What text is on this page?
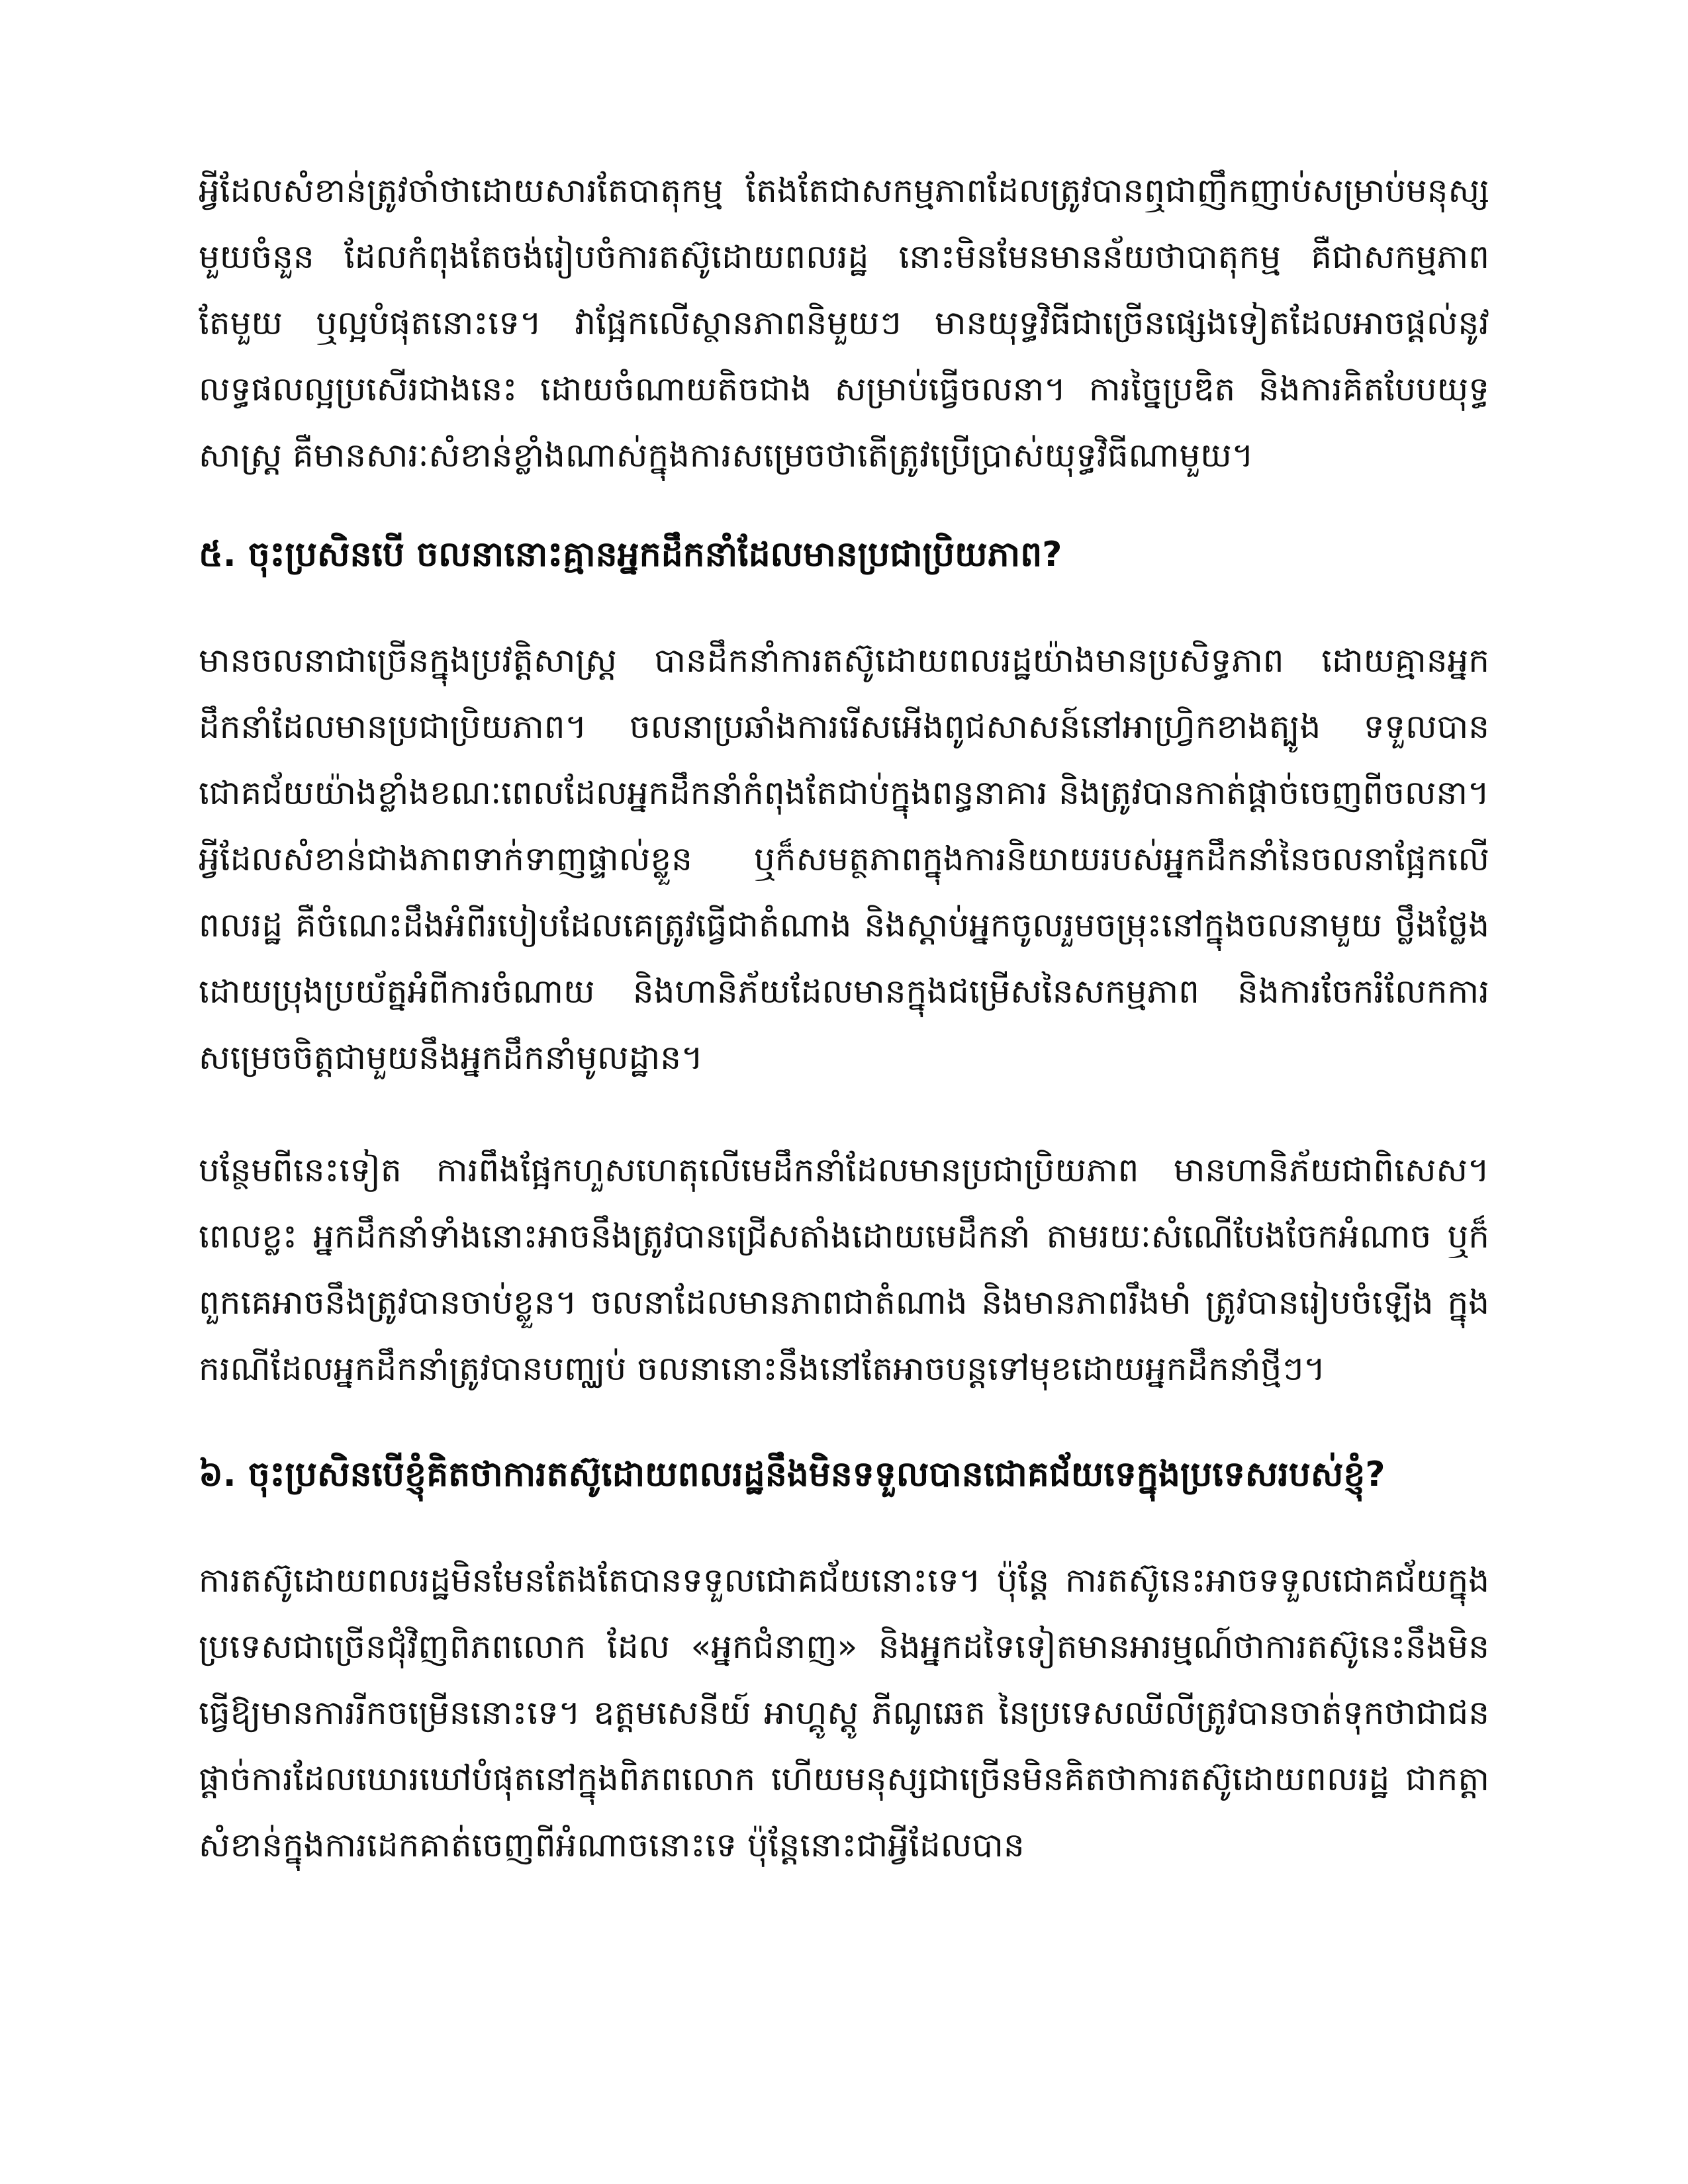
អ្វីដែលសំខាន់ត្រូវចាំថាដោយសារតែបាតុកម្ម តែងតែជាសកម្មភាពដែលត្រូវបានឮជាញឹកញាប់សម្រាប់មនុស្សមួយចំនួន ដែលកំពុងតែចង់រៀបចំការតស៊ូដោយពលរដ្ឋ នោះមិនមែនមានន័យថាបាតុកម្ម គឺជាសកម្មភាពតែមួយ ឬល្អបំផុតនោះទេ។ វាផ្អែកលើស្ថានភាពនិមួយៗ មានយុទ្ធវិធីជាច្រើនផ្សេងទៀតដែលអាចផ្ដល់នូវលទ្ធផលល្អប្រសើរជាងនេះ ដោយចំណាយតិចជាង សម្រាប់ធ្វើចលនា។ ការច្នៃប្រឌិត និងការគិតបែបយុទ្ធសាស្ត្រ គឺមានសារៈសំខាន់ខ្លាំងណាស់ក្នុងការសម្រេចថាតើត្រូវប្រើប្រាស់យុទ្ធវិធីណាមួយ។

៥. ចុះប្រសិនបើ ចលនានោះគ្មានអ្នកដឹកនាំដែលមានប្រជាប្រិយភាព?

មានចលនាជាច្រើនក្នុងប្រវត្តិសាស្ត្រ បានដឹកនាំការតស៊ូដោយពលរដ្ឋយ៉ាងមានប្រសិទ្ធភាព ដោយគ្មានអ្នកដឹកនាំដែលមានប្រជាប្រិយភាព។ ចលនាប្រឆាំងការរើសអើងពូជសាសន៍នៅអាហ្វ្រិកខាងត្បូង ទទួលបានជោគជ័យយ៉ាងខ្លាំងខណៈពេលដែលអ្នកដឹកនាំកំពុងតែជាប់ក្នុងពន្ធនាគារ និងត្រូវបានកាត់ផ្ដាច់ចេញពីចលនា។ អ្វីដែលសំខាន់ជាងភាពទាក់ទាញផ្ទាល់ខ្លួន ឬក៏សមត្ថភាពក្នុងការនិយាយរបស់អ្នកដឹកនាំនៃចលនាផ្អែកលើពលរដ្ឋ គឺចំណេះដឹងអំពីរបៀបដែលគេត្រូវធ្វើជាតំណាង និងស្ដាប់អ្នកចូលរួមចម្រុះនៅក្នុងចលនាមួយ ថ្លឹងថ្លែងដោយប្រុងប្រយ័ត្នអំពីការចំណាយ និងហានិភ័យដែលមានក្នុងជម្រើសនៃសកម្មភាព និងការចែករំលែកការសម្រេចចិត្តជាមួយនឹងអ្នកដឹកនាំមូលដ្ឋាន។

បន្ថែមពីនេះទៀត ការពឹងផ្អែកហួសហេតុលើមេដឹកនាំដែលមានប្រជាប្រិយភាព មានហានិភ័យជាពិសេស។ ពេលខ្លះ អ្នកដឹកនាំទាំងនោះអាចនឹងត្រូវបានជ្រើសតាំងដោយមេដឹកនាំ តាមរយៈសំណើបែងចែកអំណាច ឬក៏ពួកគេអាចនឹងត្រូវបានចាប់ខ្លួន។ ចលនាដែលមានភាពជាតំណាង និងមានភាពរឹងមាំ ត្រូវបានរៀបចំឡើង ក្នុងករណីដែលអ្នកដឹកនាំត្រូវបានបញ្ឈប់ ចលនានោះនឹងនៅតែអាចបន្តទៅមុខដោយអ្នកដឹកនាំថ្មីៗ។

៦. ចុះប្រសិនបើខ្ញុំគិតថាការតស៊ូដោយពលរដ្ឋនឹងមិនទទួលបានជោគជ័យទេក្នុងប្រទេសរបស់ខ្ញុំ?

ការតស៊ូដោយពលរដ្ឋមិនមែនតែងតែបានទទួលជោគជ័យនោះទេ។ ប៉ុន្តែ ការតស៊ូនេះអាចទទួលជោគជ័យក្នុងប្រទេសជាច្រើនជុំវិញពិភពលោក ដែល «អ្នកជំនាញ» និងអ្នកដទៃទៀតមានអារម្មណ៍ថាការតស៊ូនេះនឹងមិនធ្វើឱ្យមានការរីកចម្រើននោះទេ។ ឧត្តមសេនីយ៍ អាហ្គូស្តូ ភីណូឆេត នៃប្រទេសឈីលីត្រូវបានចាត់ទុកថាជាជនផ្ដាច់ការដែលឃោរឃៅបំផុតនៅក្នុងពិភពលោក ហើយមនុស្សជាច្រើនមិនគិតថាការតស៊ូដោយពលរដ្ឋ ជាកត្តាសំខាន់ក្នុងការដេកគាត់ចេញពីអំណាចនោះទេ ប៉ុន្តែនោះជាអ្វីដែលបាន
